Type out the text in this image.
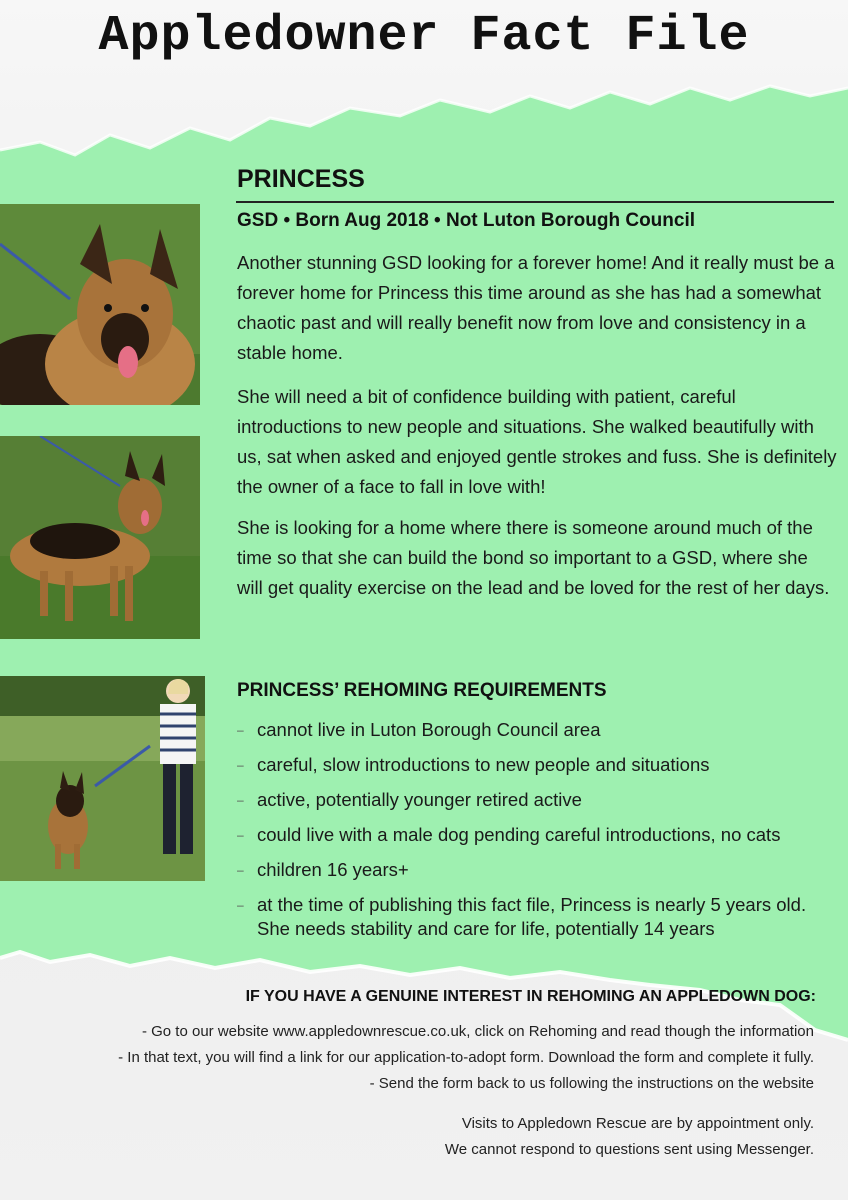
Appledowner Fact File
PRINCESS

GSD • Born Aug 2018 • Not Luton Borough Council

Another stunning GSD looking for a forever home! And it really must be a forever home for Princess this time around as she has had a somewhat chaotic past and will really benefit now from love and consistency in a stable home.

She will need a bit of confidence building with patient, careful introductions to new people and situations. She walked beautifully with us, sat when asked and enjoyed gentle strokes and fuss. She is definitely the owner of a face to fall in love with!

She is looking for a home where there is someone around much of the time so that she can build the bond so important to a GSD, where she will get quality exercise on the lead and be loved for the rest of her days.

PRINCESS’ REHOMING REQUIREMENTS
– cannot live in Luton Borough Council area
– careful, slow introductions to new people and situations
– active, potentially younger retired active
– could live with a male dog pending careful introductions, no cats
– children 16 years+
– at the time of publishing this fact file, Princess is nearly 5 years old. She needs stability and care for life, potentially 14 years
IF YOU HAVE A GENUINE INTEREST IN REHOMING AN APPLEDOWN DOG:
- Go to our website www.appledownrescue.co.uk, click on Rehoming and read though the information
- In that text, you will find a link for our application-to-adopt form. Download the form and complete it fully.
- Send the form back to us following the instructions on the website
Visits to Appledown Rescue are by appointment only.
We cannot respond to questions sent using Messenger.
